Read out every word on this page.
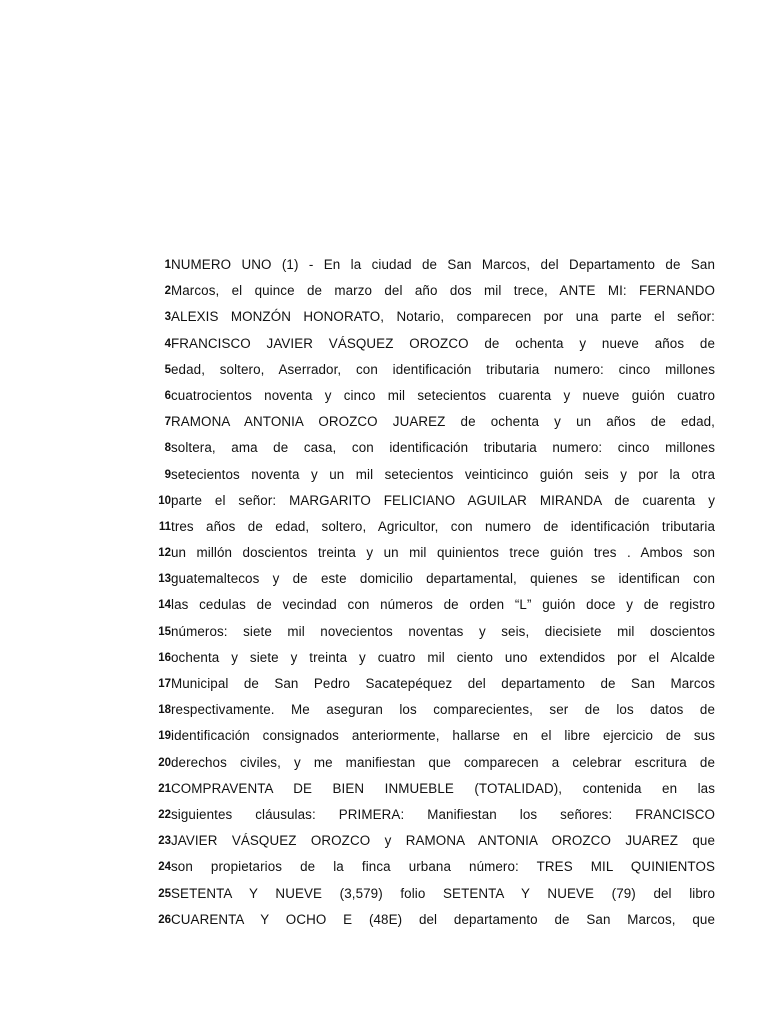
1 NUMERO UNO (1) - En la ciudad de San Marcos, del Departamento de San
2 Marcos, el quince de marzo del año dos mil trece, ANTE MI: FERNANDO
3 ALEXIS MONZÓN HONORATO, Notario, comparecen por una parte el señor:
4 FRANCISCO JAVIER VÁSQUEZ OROZCO de ochenta y nueve años de
5 edad, soltero, Aserrador, con identificación tributaria numero: cinco millones
6 cuatrocientos noventa y cinco mil setecientos cuarenta y nueve guión cuatro
7 RAMONA ANTONIA OROZCO JUAREZ de ochenta y un años de edad,
8 soltera, ama de casa, con identificación tributaria numero: cinco millones
9 setecientos noventa y un mil setecientos veinticinco guión seis y por la otra
10 parte el señor: MARGARITO FELICIANO AGUILAR MIRANDA de cuarenta y
11 tres años de edad, soltero, Agricultor, con numero de identificación tributaria
12 un millón doscientos treinta y un mil quinientos trece guión tres . Ambos son
13 guatemaltecos y de este domicilio departamental, quienes se identifican con
14 las cedulas de vecindad con números de orden “L” guión doce y de registro
15 números: siete mil novecientos noventas y seis, diecisiete mil doscientos
16 ochenta y siete y treinta y cuatro mil ciento uno extendidos por el Alcalde
17 Municipal de San Pedro Sacatepéquez del departamento de San Marcos
18 respectivamente. Me aseguran los comparecientes, ser de los datos de
19 identificación consignados anteriormente, hallarse en el libre ejercicio de sus
20 derechos civiles, y me manifiestan que comparecen a celebrar escritura de
21 COMPRAVENTA DE BIEN INMUEBLE (TOTALIDAD), contenida en las
22 siguientes cláusulas: PRIMERA: Manifiestan los señores: FRANCISCO
23 JAVIER VÁSQUEZ OROZCO y RAMONA ANTONIA OROZCO JUAREZ que
24 son propietarios de la finca urbana número: TRES MIL QUINIENTOS
25 SETENTA Y NUEVE (3,579) folio SETENTA Y NUEVE (79) del libro
26 CUARENTA Y OCHO E (48E) del departamento de San Marcos, que
